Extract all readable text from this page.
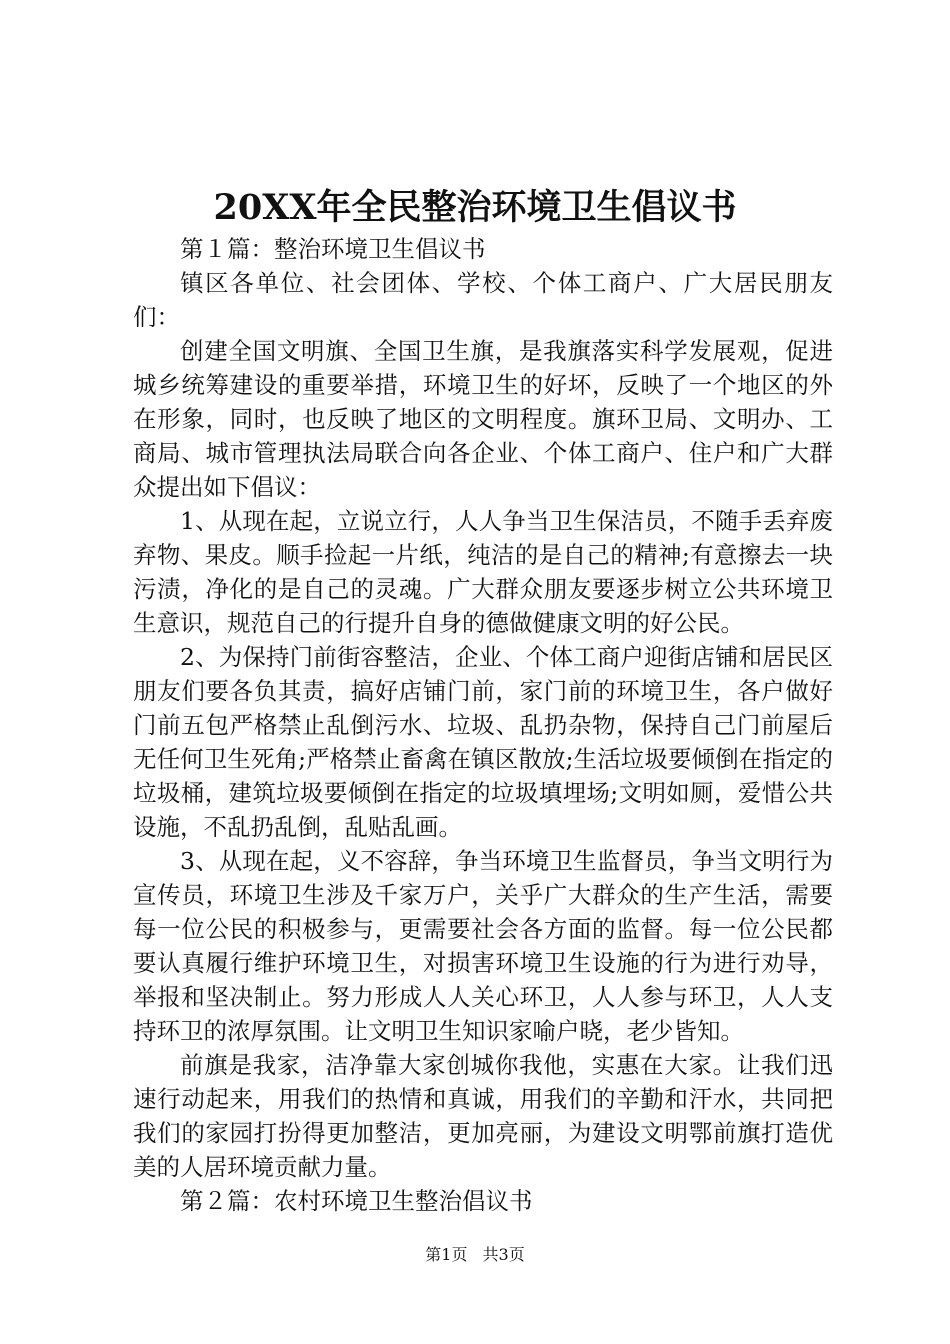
20XX年全民整治环境卫生倡议书

第１篇：整治环境卫生倡议书

镇区各单位、社会团体、学校、个体工商户、广大居民朋友们：

创建全国文明旗、全国卫生旗，是我旗落实科学发展观，促进城乡统筹建设的重要举措，环境卫生的好坏，反映了一个地区的外在形象，同时，也反映了地区的文明程度。旗环卫局、文明办、工商局、城市管理执法局联合向各企业、个体工商户、住户和广大群众提出如下倡议：

1、从现在起，立说立行，人人争当卫生保洁员，不随手丢弃废弃物、果皮。顺手捡起一片纸，纯洁的是自己的精神;有意擦去一块污渍，净化的是自己的灵魂。广大群众朋友要逐步树立公共环境卫生意识，规范自己的行提升自身的德做健康文明的好公民。

2、为保持门前街容整洁，企业、个体工商户迎街店铺和居民区朋友们要各负其责，搞好店铺门前，家门前的环境卫生，各户做好门前五包严格禁止乱倒污水、垃圾、乱扔杂物，保持自己门前屋后无任何卫生死角;严格禁止畜禽在镇区散放;生活垃圾要倾倒在指定的垃圾桶，建筑垃圾要倾倒在指定的垃圾填埋场;文明如厕，爱惜公共设施，不乱扔乱倒，乱贴乱画。

3、从现在起，义不容辞，争当环境卫生监督员，争当文明行为宣传员，环境卫生涉及千家万户，关乎广大群众的生产生活，需要每一位公民的积极参与，更需要社会各方面的监督。每一位公民都要认真履行维护环境卫生，对损害环境卫生设施的行为进行劝导，举报和坚决制止。努力形成人人关心环卫，人人参与环卫，人人支持环卫的浓厚氛围。让文明卫生知识家喻户晓，老少皆知。

前旗是我家，洁净靠大家创城你我他，实惠在大家。让我们迅速行动起来，用我们的热情和真诚，用我们的辛勤和汗水，共同把我们的家园打扮得更加整洁，更加亮丽，为建设文明鄂前旗打造优美的人居环境贡献力量。

第２篇：农村环境卫生整治倡议书

第1页 共3页
